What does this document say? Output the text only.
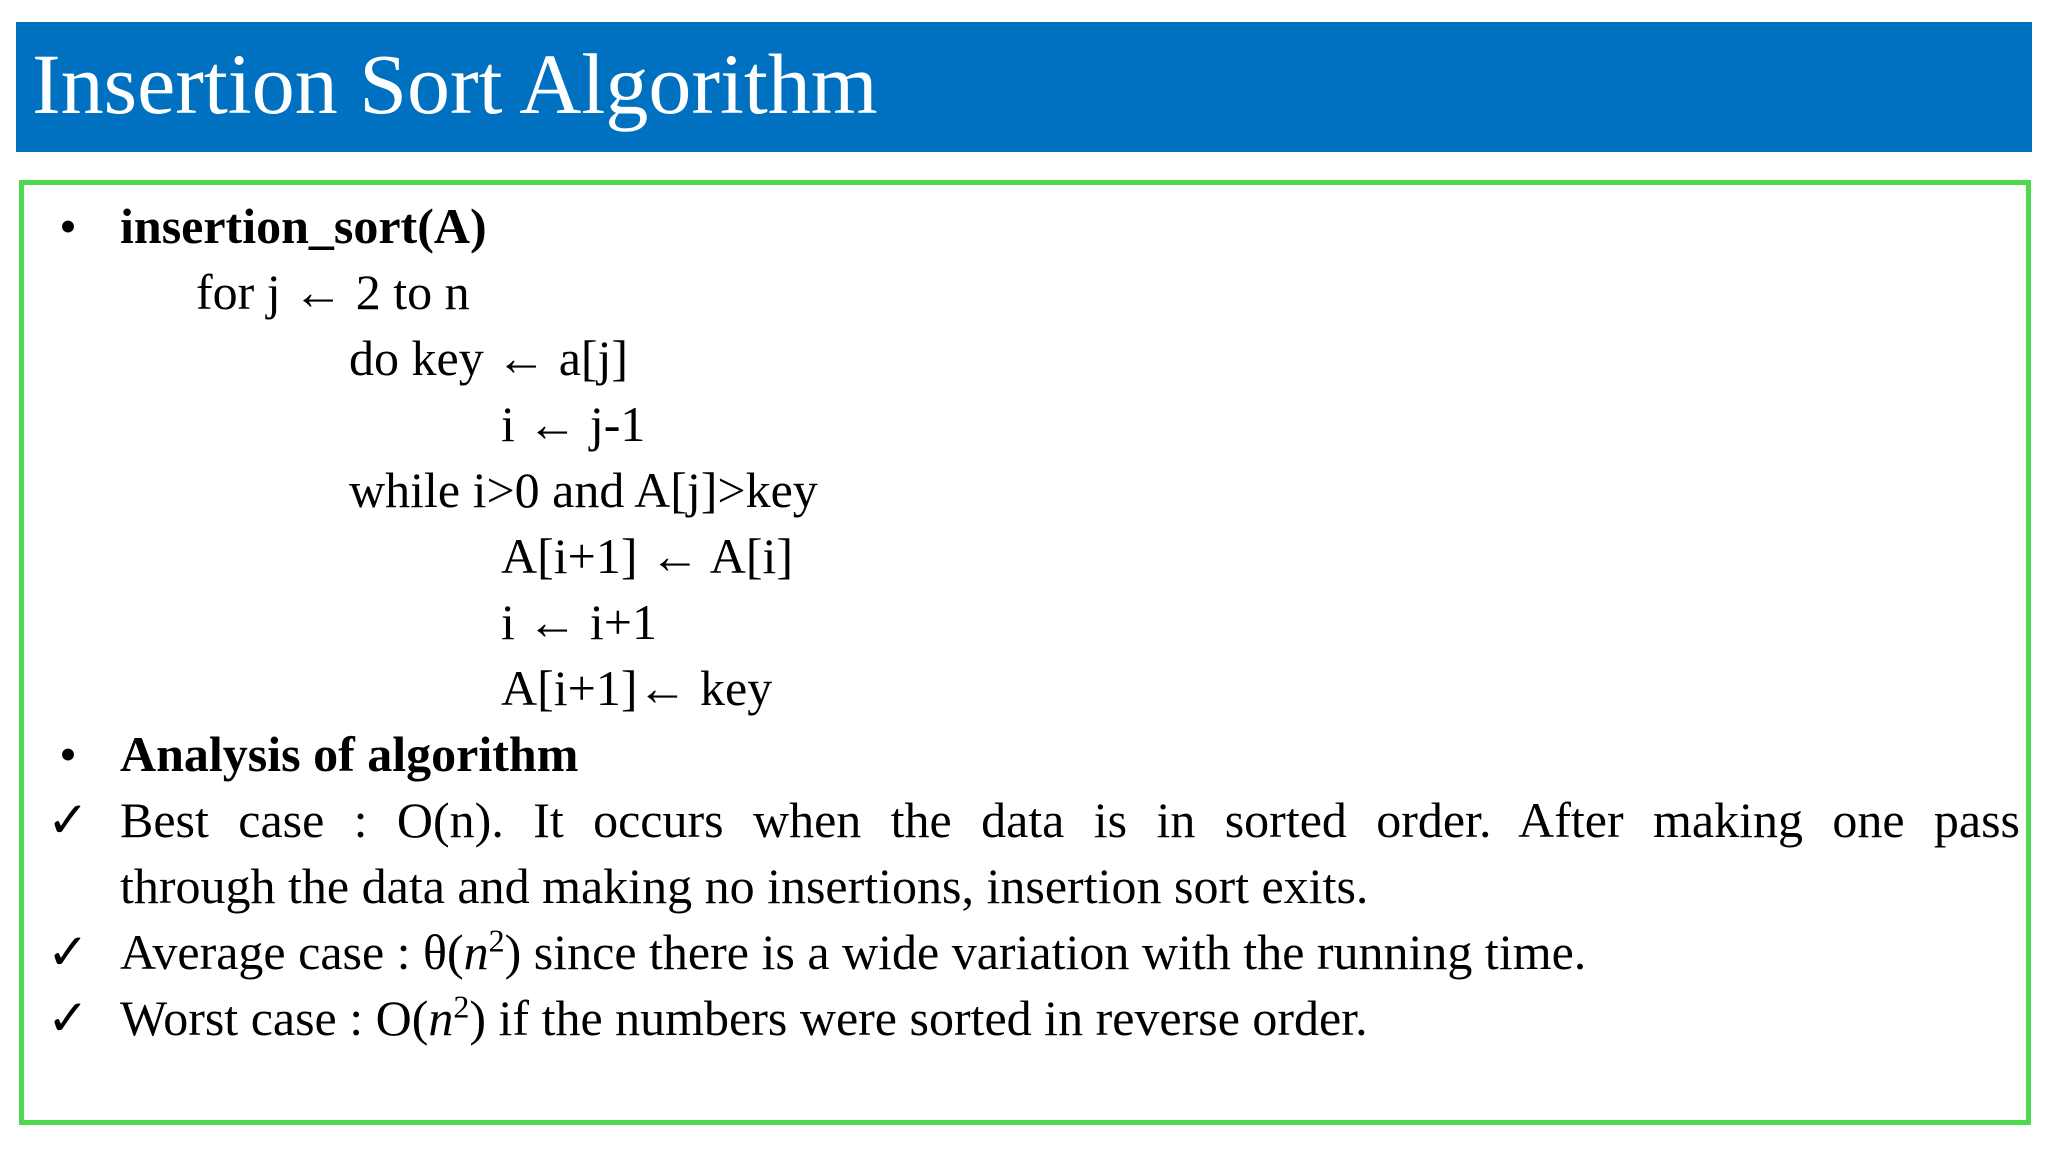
Insertion Sort Algorithm
• insertion_sort(A)
for j ← 2 to n
do key ← a[j]
i ← j-1
while i>0 and A[j]>key
A[i+1] ← A[i]
i ← i+1
A[i+1]← key
• Analysis of algorithm
✓ Best case : O(n). It occurs when the data is in sorted order. After making one pass
through the data and making no insertions, insertion sort exits.
✓ Average case : $\theta(n^2)$ since there is a wide variation with the running time.
✓ Worst case : $O(n^2)$ if the numbers were sorted in reverse order.
